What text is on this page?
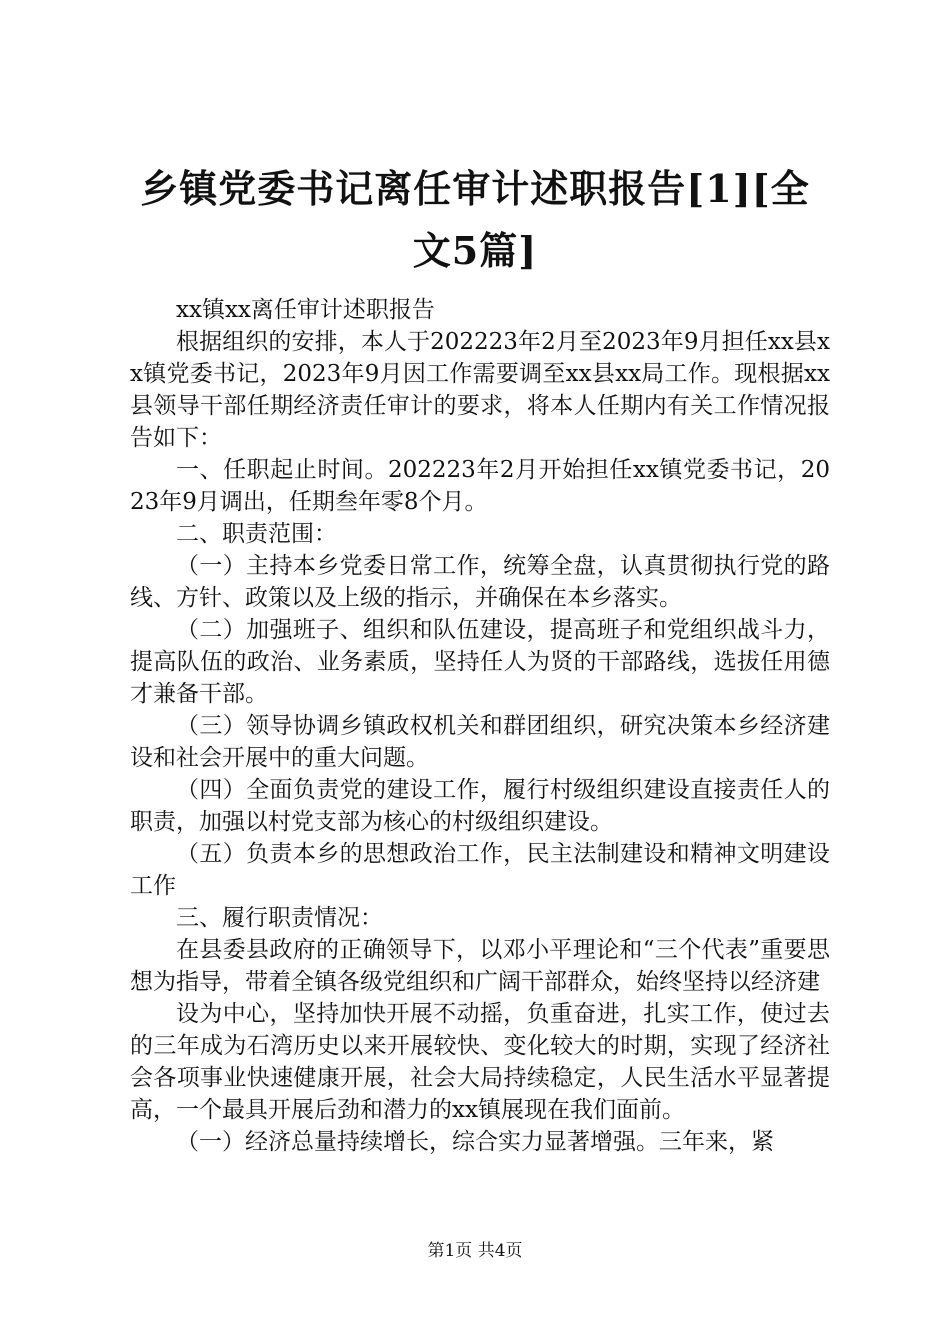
乡镇党委书记离任审计述职报告[1][全文5篇]

xx镇xx离任审计述职报告

根据组织的安排，本人于202223年2月至2023年9月担任xx县xx镇党委书记，2023年9月因工作需要调至xx县xx局工作。现根据xx县领导干部任期经济责任审计的要求，将本人任期内有关工作情况报告如下：

一、任职起止时间。202223年2月开始担任xx镇党委书记，2023年9月调出，任期叁年零8个月。

二、职责范围：

（一）主持本乡党委日常工作，统筹全盘，认真贯彻执行党的路线、方针、政策以及上级的指示，并确保在本乡落实。

（二）加强班子、组织和队伍建设，提高班子和党组织战斗力，提高队伍的政治、业务素质，坚持任人为贤的干部路线，选拔任用德才兼备干部。

（三）领导协调乡镇政权机关和群团组织，研究决策本乡经济建设和社会开展中的重大问题。

（四）全面负责党的建设工作，履行村级组织建设直接责任人的职责，加强以村党支部为核心的村级组织建设。

（五）负责本乡的思想政治工作，民主法制建设和精神文明建设工作

三、履行职责情况：

在县委县政府的正确领导下，以邓小平理论和“三个代表”重要思想为指导，带着全镇各级党组织和广阔干部群众，始终坚持以经济建

设为中心，坚持加快开展不动摇，负重奋进，扎实工作，使过去的三年成为石湾历史以来开展较快、变化较大的时期，实现了经济社会各项事业快速健康开展，社会大局持续稳定，人民生活水平显著提高，一个最具开展后劲和潜力的xx镇展现在我们面前。

（一）经济总量持续增长，综合实力显著增强。三年来，紧

第1页 共4页
